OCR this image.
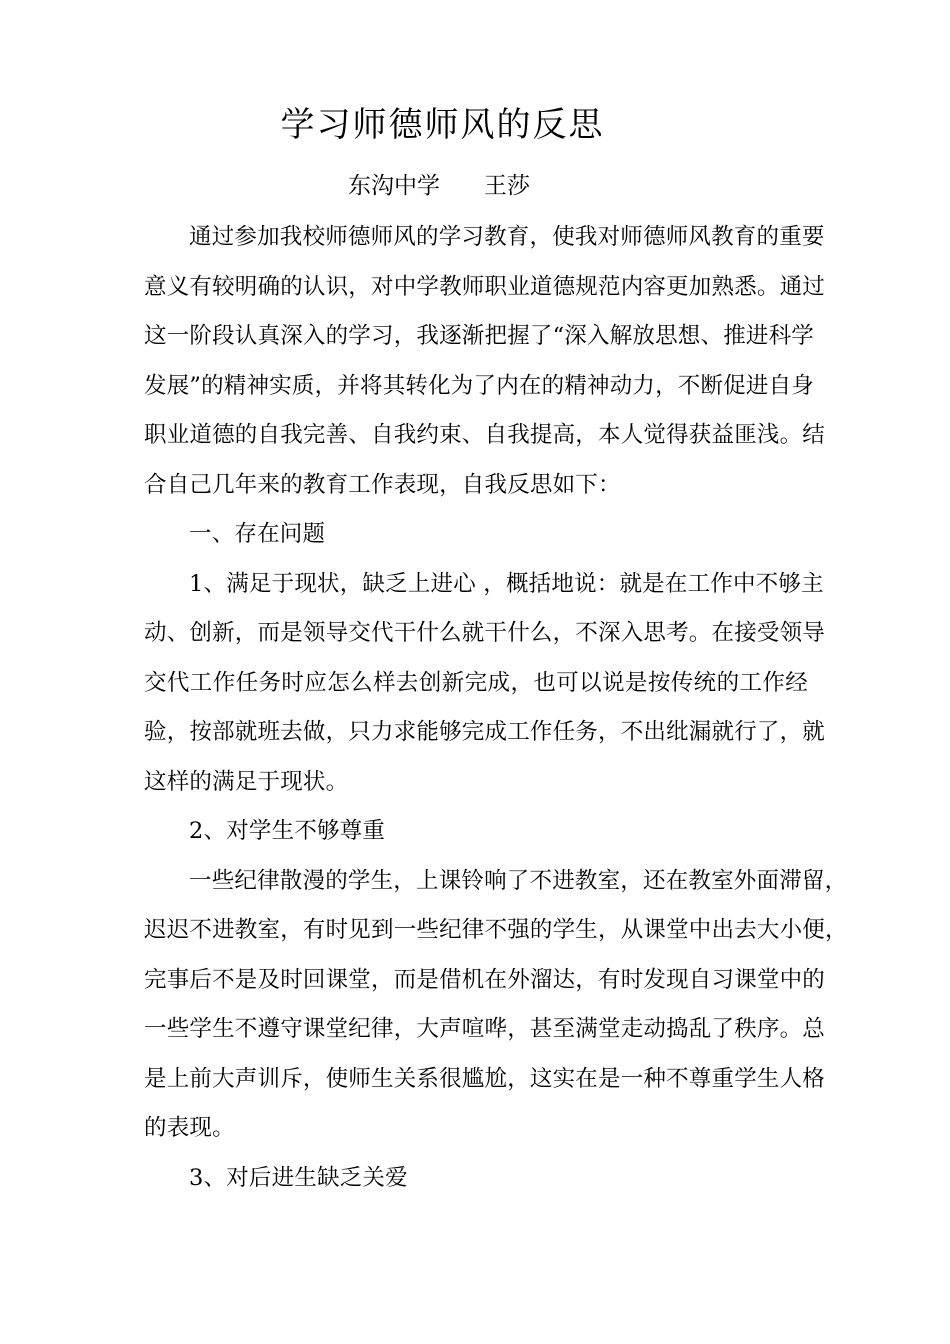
学习师德师风的反思
东沟中学 王莎
通过参加我校师德师风的学习教育，使我对师德师风教育的重要
意义有较明确的认识，对中学教师职业道德规范内容更加熟悉。通过
这一阶段认真深入的学习，我逐渐把握了“深入解放思想、推进科学
发展”的精神实质，并将其转化为了内在的精神动力，不断促进自身
职业道德的自我完善、自我约束、自我提高，本人觉得获益匪浅。结
合自己几年来的教育工作表现，自我反思如下：
一、存在问题
1、满足于现状，缺乏上进心 ，概括地说：就是在工作中不够主
动、创新，而是领导交代干什么就干什么，不深入思考。在接受领导
交代工作任务时应怎么样去创新完成，也可以说是按传统的工作经
验，按部就班去做，只力求能够完成工作任务，不出纰漏就行了，就
这样的满足于现状。
2、对学生不够尊重
一些纪律散漫的学生，上课铃响了不进教室，还在教室外面滞留，
迟迟不进教室，有时见到一些纪律不强的学生，从课堂中出去大小便，
完事后不是及时回课堂，而是借机在外溜达，有时发现自习课堂中的
一些学生不遵守课堂纪律，大声喧哗，甚至满堂走动捣乱了秩序。总
是上前大声训斥，使师生关系很尴尬，这实在是一种不尊重学生人格
的表现。
3、对后进生缺乏关爱
